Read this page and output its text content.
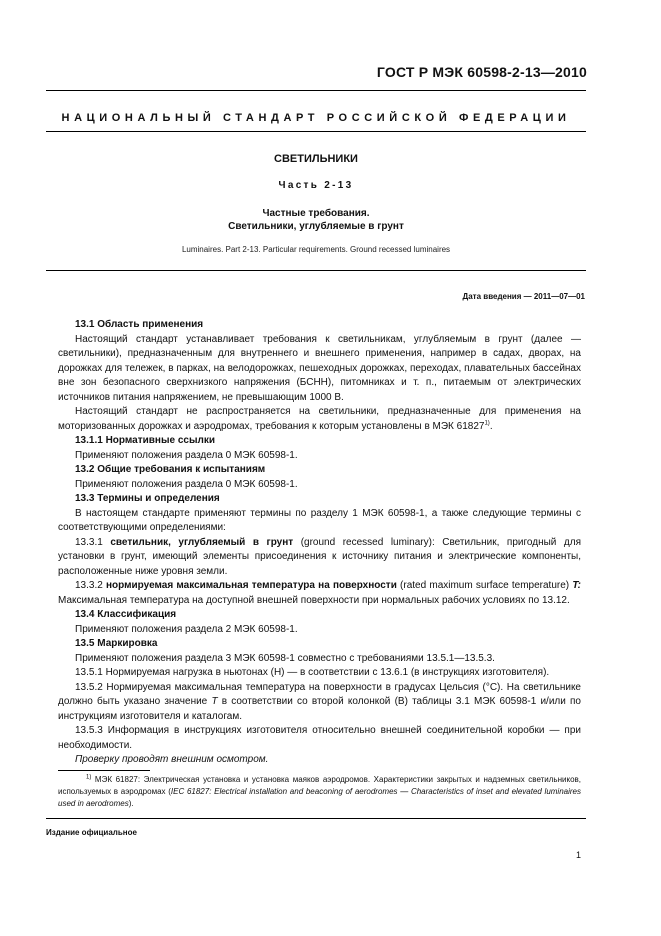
ГОСТ Р МЭК 60598-2-13—2010
НАЦИОНАЛЬНЫЙ СТАНДАРТ РОССИЙСКОЙ ФЕДЕРАЦИИ
СВЕТИЛЬНИКИ
Часть 2-13
Частные требования.
Светильники, углубляемые в грунт
Luminaires. Part 2-13. Particular requirements. Ground recessed luminaires
Дата введения — 2011—07—01

13.1 Область применения

Настоящий стандарт устанавливает требования к светильникам, углубляемым в грунт (далее — светильники), предназначенным для внутреннего и внешнего применения, например в садах, дворах, на дорожках для тележек, в парках, на велодорожках, пешеходных дорожках, переходах, плавательных бассейнах вне зон безопасного сверхнизкого напряжения (БСНН), питомниках и т. п., питаемым от электрических источников питания напряжением, не превышающим 1000 В.

Настоящий стандарт не распространяется на светильники, предназначенные для применения на моторизованных дорожках и аэродромах, требования к которым установлены в МЭК 61827$^{1)}$.

13.1.1 Нормативные ссылки

Применяют положения раздела 0 МЭК 60598-1.

13.2 Общие требования к испытаниям

Применяют положения раздела 0 МЭК 60598-1.

13.3 Термины и определения

В настоящем стандарте применяют термины по разделу 1 МЭК 60598-1, а также следующие термины с соответствующими определениями:

13.3.1 светильник, углубляемый в грунт (ground recessed luminary): Светильник, пригодный для установки в грунт, имеющий элементы присоединения к источнику питания и электрические компоненты, расположенные ниже уровня земли.

13.3.2 нормируемая максимальная температура на поверхности (rated maximum surface temperature) T: Максимальная температура на доступной внешней поверхности при нормальных рабочих условиях по 13.12.

13.4 Классификация

Применяют положения раздела 2 МЭК 60598-1.

13.5 Маркировка

Применяют положения раздела 3 МЭК 60598-1 совместно с требованиями 13.5.1—13.5.3.

13.5.1 Нормируемая нагрузка в ньютонах (Н) — в соответствии с 13.6.1 (в инструкциях изготовителя).

13.5.2 Нормируемая максимальная температура на поверхности в градусах Цельсия (°С). На светильнике должно быть указано значение T в соответствии со второй колонкой (В) таблицы 3.1 МЭК 60598-1 и/или по инструкциям изготовителя и каталогам.

13.5.3 Информация в инструкциях изготовителя относительно внешней соединительной коробки — при необходимости.

Проверку проводят внешним осмотром.

$^{1)}$ МЭК 61827: Электрическая установка и установка маяков аэродромов. Характеристики закрытых и надземных светильников, используемых в аэродромах (IEC 61827: Electrical installation and beaconing of aerodromes — Characteristics of inset and elevated luminaires used in aerodromes).

Издание официальное
1
